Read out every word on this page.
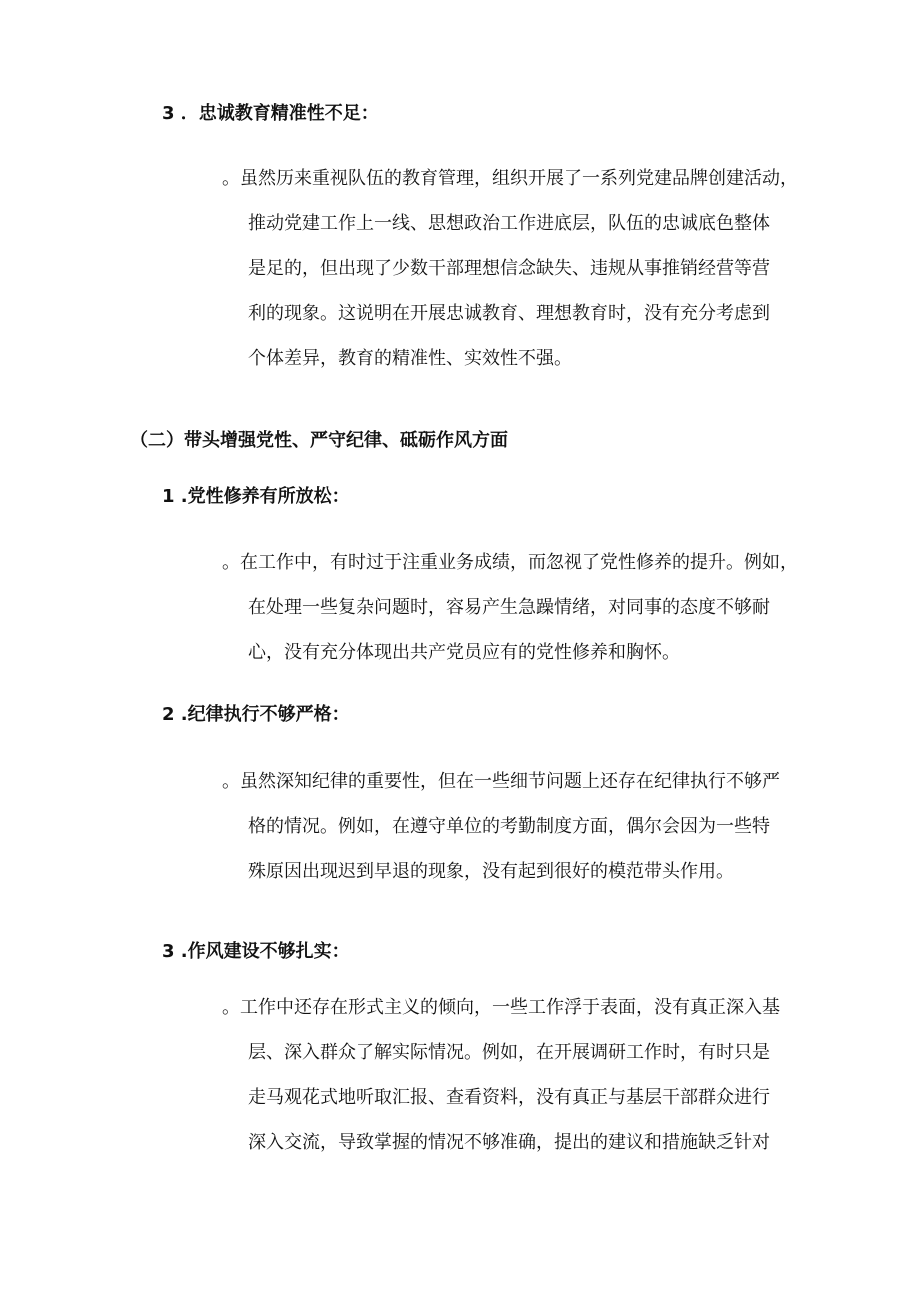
3 ．忠诚教育精准性不足：
。虽然历来重视队伍的教育管理，组织开展了一系列党建品牌创建活动，
推动党建工作上一线、思想政治工作进底层，队伍的忠诚底色整体
是足的，但出现了少数干部理想信念缺失、违规从事推销经营等营
利的现象。这说明在开展忠诚教育、理想教育时，没有充分考虑到
个体差异，教育的精准性、实效性不强。
（二）带头增强党性、严守纪律、砥砺作风方面
1 .党性修养有所放松：
。在工作中，有时过于注重业务成绩，而忽视了党性修养的提升。例如，
在处理一些复杂问题时，容易产生急躁情绪，对同事的态度不够耐
心，没有充分体现出共产党员应有的党性修养和胸怀。
2 .纪律执行不够严格：
。虽然深知纪律的重要性，但在一些细节问题上还存在纪律执行不够严
格的情况。例如，在遵守单位的考勤制度方面，偶尔会因为一些特
殊原因出现迟到早退的现象，没有起到很好的模范带头作用。
3 .作风建设不够扎实：
。工作中还存在形式主义的倾向，一些工作浮于表面，没有真正深入基
层、深入群众了解实际情况。例如，在开展调研工作时，有时只是
走马观花式地听取汇报、查看资料，没有真正与基层干部群众进行
深入交流，导致掌握的情况不够准确，提出的建议和措施缺乏针对
